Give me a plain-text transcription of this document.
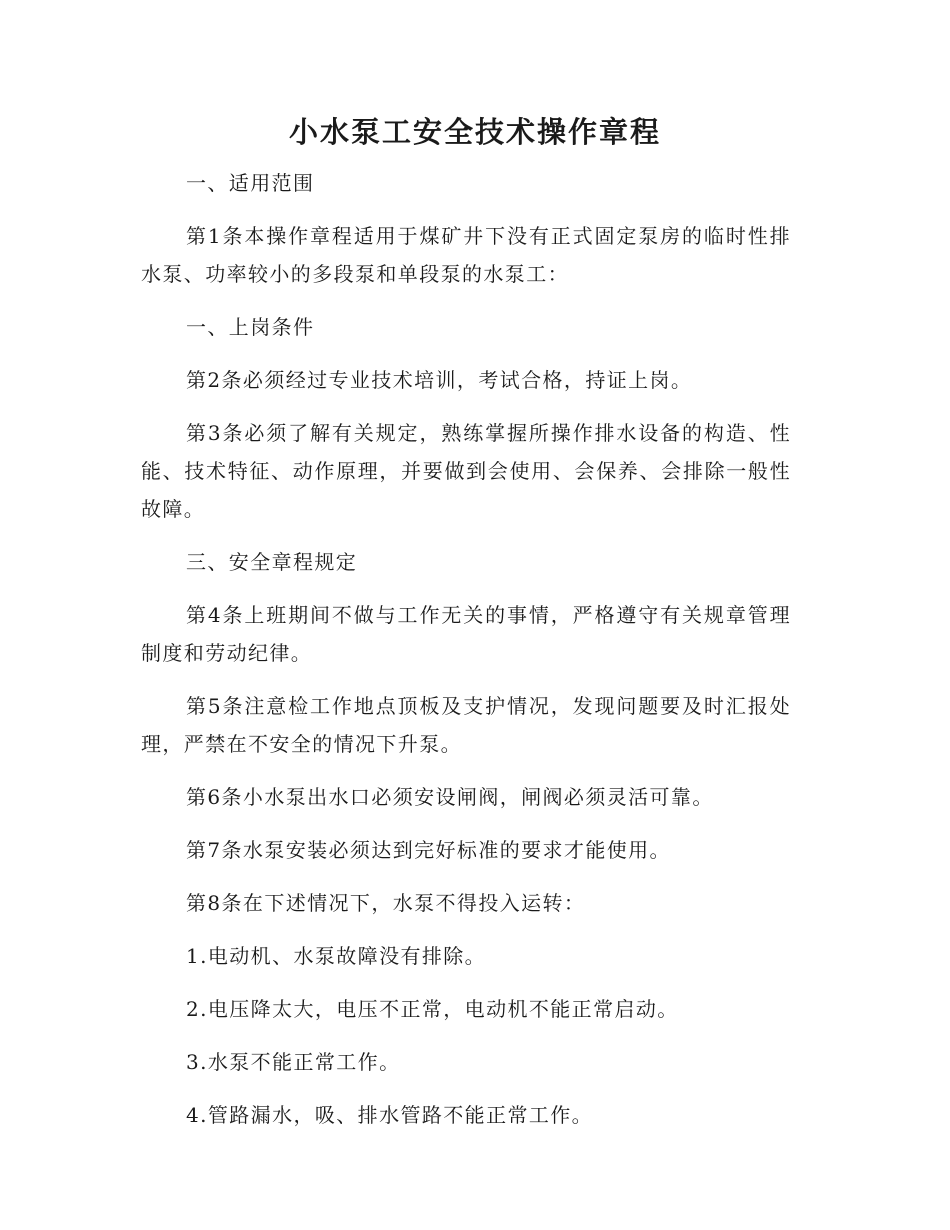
小水泵工安全技术操作章程

一、适用范围

第1条本操作章程适用于煤矿井下没有正式固定泵房的临时性排水泵、功率较小的多段泵和单段泵的水泵工：

一、上岗条件

第2条必须经过专业技术培训，考试合格，持证上岗。

第3条必须了解有关规定，熟练掌握所操作排水设备的构造、性能、技术特征、动作原理，并要做到会使用、会保养、会排除一般性故障。

三、安全章程规定

第4条上班期间不做与工作无关的事情，严格遵守有关规章管理制度和劳动纪律。

第5条注意检工作地点顶板及支护情况，发现问题要及时汇报处理，严禁在不安全的情况下升泵。

第6条小水泵出水口必须安设闸阀，闸阀必须灵活可靠。

第7条水泵安装必须达到完好标准的要求才能使用。

第8条在下述情况下，水泵不得投入运转：

1.电动机、水泵故障没有排除。

2.电压降太大，电压不正常，电动机不能正常启动。

3.水泵不能正常工作。

4.管路漏水，吸、排水管路不能正常工作。
